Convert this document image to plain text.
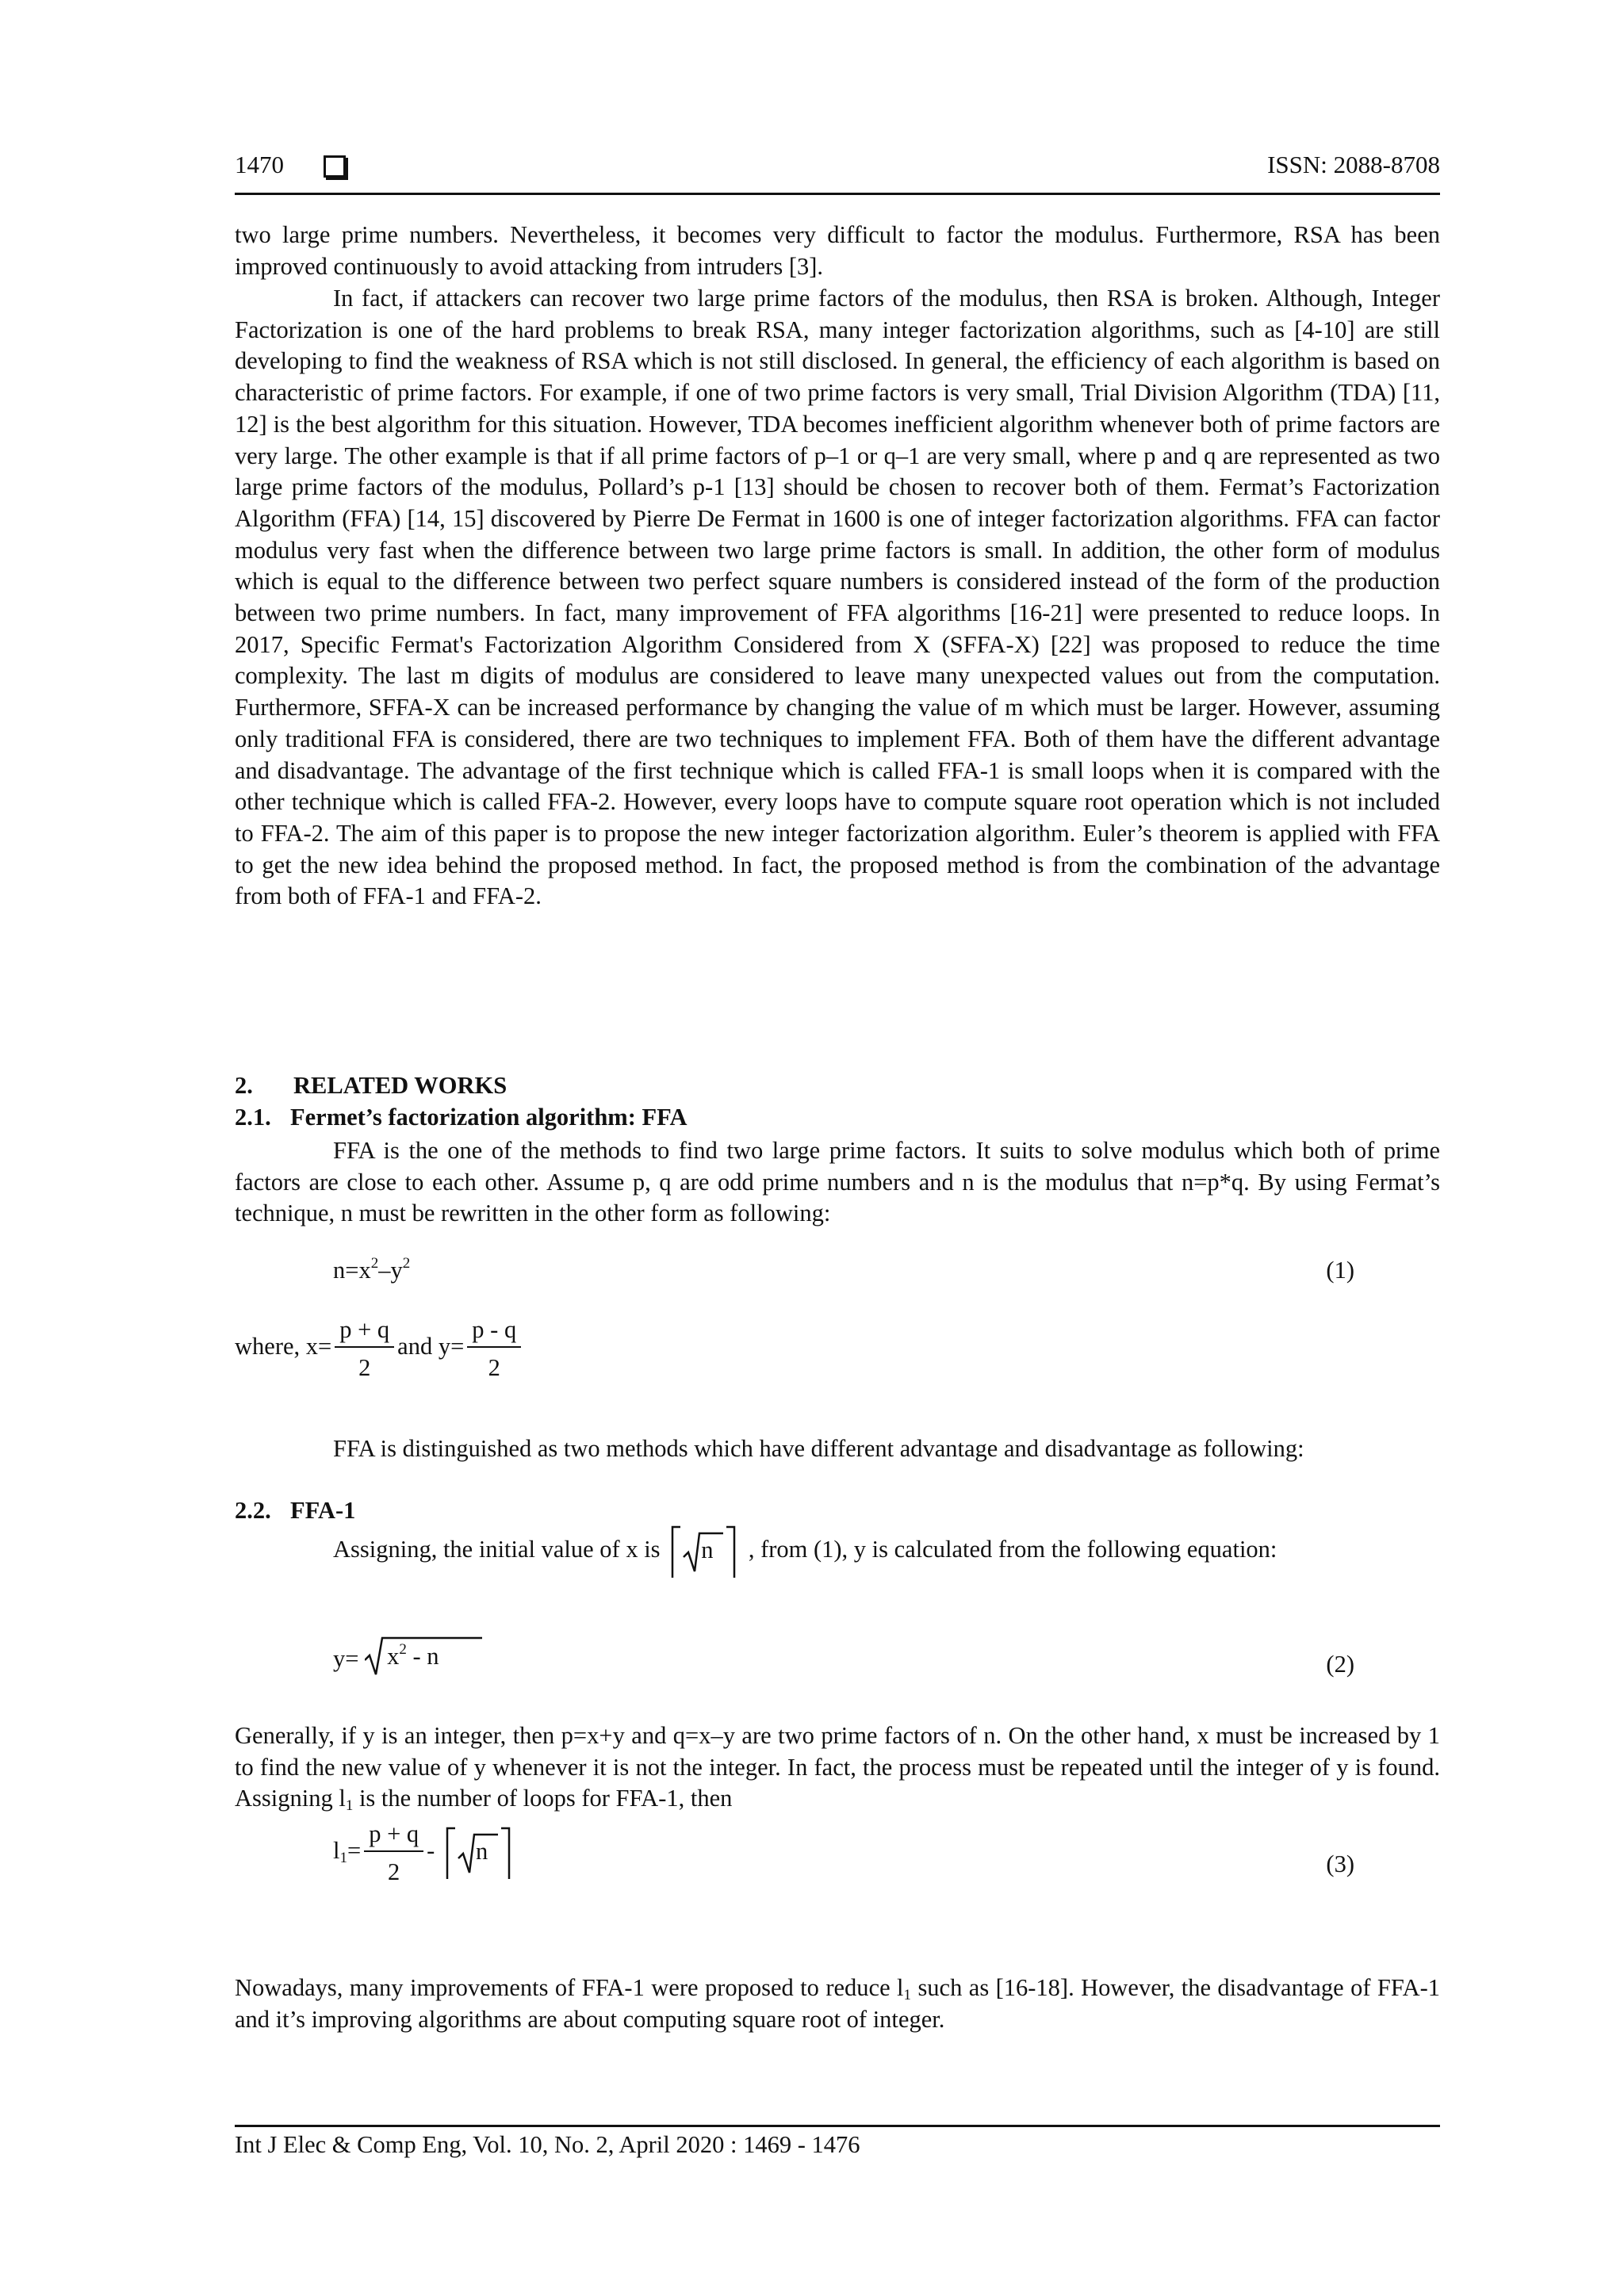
1470	ISSN: 2088-8708
two large prime numbers. Nevertheless, it becomes very difficult to factor the modulus. Furthermore, RSA has been improved continuously to avoid attacking from intruders [3].
In fact, if attackers can recover two large prime factors of the modulus, then RSA is broken. Although, Integer Factorization is one of the hard problems to break RSA, many integer factorization algorithms, such as [4-10] are still developing to find the weakness of RSA which is not still disclosed. In general, the efficiency of each algorithm is based on characteristic of prime factors. For example, if one of two prime factors is very small, Trial Division Algorithm (TDA) [11, 12] is the best algorithm for this situation. However, TDA becomes inefficient algorithm whenever both of prime factors are very large. The other example is that if all prime factors of p–1 or q–1 are very small, where p and q are represented as two large prime factors of the modulus, Pollard’s p-1 [13] should be chosen to recover both of them. Fermat’s Factorization Algorithm (FFA) [14, 15] discovered by Pierre De Fermat in 1600 is one of integer factorization algorithms. FFA can factor modulus very fast when the difference between two large prime factors is small. In addition, the other form of modulus which is equal to the difference between two perfect square numbers is considered instead of the form of the production between two prime numbers. In fact, many improvement of FFA algorithms [16-21] were presented to reduce loops. In 2017, Specific Fermat's Factorization Algorithm Considered from X (SFFA-X) [22] was proposed to reduce the time complexity. The last m digits of modulus are considered to leave many unexpected values out from the computation. Furthermore, SFFA-X can be increased performance by changing the value of m which must be larger. However, assuming only traditional FFA is considered, there are two techniques to implement FFA. Both of them have the different advantage and disadvantage. The advantage of the first technique which is called FFA-1 is small loops when it is compared with the other technique which is called FFA-2. However, every loops have to compute square root operation which is not included to FFA-2. The aim of this paper is to propose the new integer factorization algorithm. Euler’s theorem is applied with FFA to get the new idea behind the proposed method. In fact, the proposed method is from the combination of the advantage from both of FFA-1 and FFA-2.
2. RELATED WORKS
2.1. Fermet’s factorization algorithm: FFA
FFA is the one of the methods to find two large prime factors. It suits to solve modulus which both of prime factors are close to each other. Assume p, q are odd prime numbers and n is the modulus that n=p*q. By using Fermat’s technique, n must be rewritten in the other form as following:
$n=x^2-y^2$	(1)
where, $x= \frac{p + q}{2}$ and $y= \frac{p - q}{2}$
FFA is distinguished as two methods which have different advantage and disadvantage as following:
2.2. FFA-1
Assigning, the initial value of x is n , from (1), y is calculated from the following equation:
$y= x^2 - n$	(2)
Generally, if y is an integer, then p=x+y and q=x–y are two prime factors of n. On the other hand, x must be increased by 1 to find the new value of y whenever it is not the integer. In fact, the process must be repeated until the integer of y is found. Assigning $l_1$ is the number of loops for FFA-1, then
$l_1= \frac{p + q}{2} - n$	(3)
Nowadays, many improvements of FFA-1 were proposed to reduce $l_1$ such as [16-18]. However, the disadvantage of FFA-1 and it’s improving algorithms are about computing square root of integer.
Int J Elec & Comp Eng, Vol. 10, No. 2, April 2020 : 1469 - 1476
